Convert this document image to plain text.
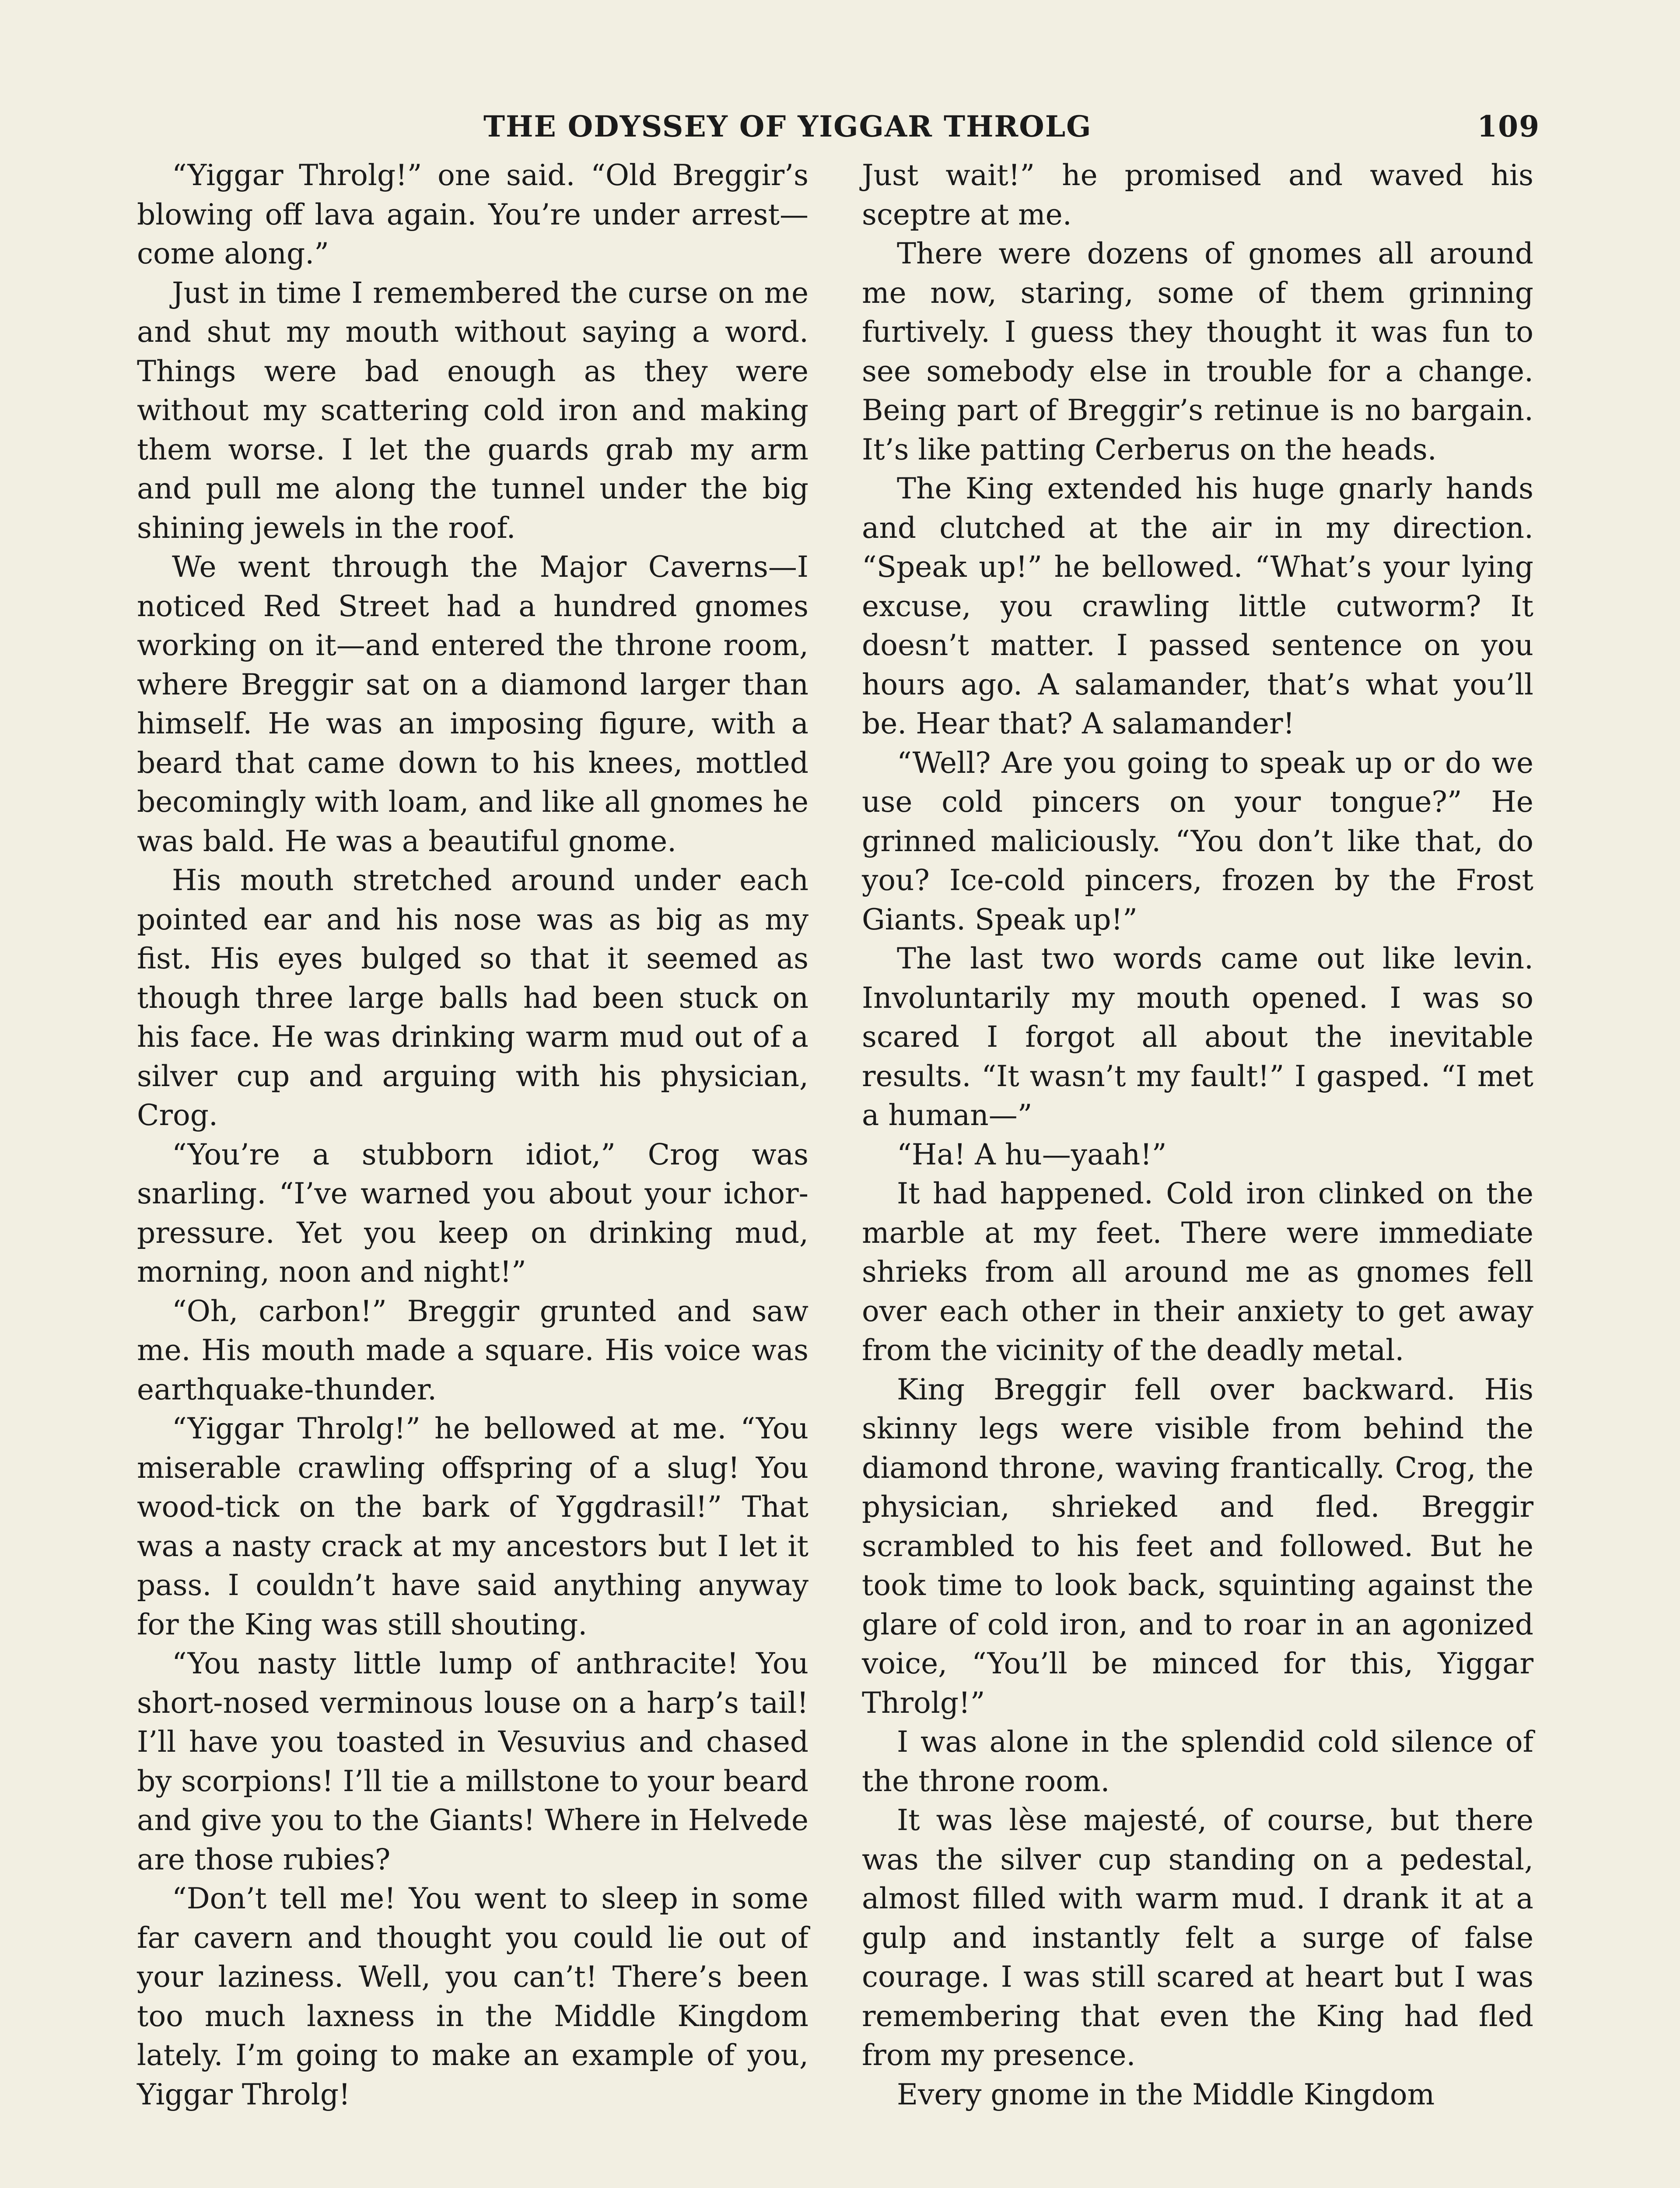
THE ODYSSEY OF YIGGAR THROLG	109

“Yiggar Throlg!” one said. “Old Breggir’s blowing off lava again. You’re under arrest—come along.”

Just in time I remembered the curse on me and shut my mouth without saying a word. Things were bad enough as they were without my scattering cold iron and making them worse. I let the guards grab my arm and pull me along the tunnel under the big shining jewels in the roof.

We went through the Major Caverns—I noticed Red Street had a hundred gnomes working on it—and entered the throne room, where Breggir sat on a diamond larger than himself. He was an imposing figure, with a beard that came down to his knees, mottled becomingly with loam, and like all gnomes he was bald. He was a beautiful gnome.

His mouth stretched around under each pointed ear and his nose was as big as my fist. His eyes bulged so that it seemed as though three large balls had been stuck on his face. He was drinking warm mud out of a silver cup and arguing with his physician, Crog.

“You’re a stubborn idiot,” Crog was snarling. “I’ve warned you about your ichor-pressure. Yet you keep on drinking mud, morning, noon and night!”

“Oh, carbon!” Breggir grunted and saw me. His mouth made a square. His voice was earthquake-thunder.

“Yiggar Throlg!” he bellowed at me. “You miserable crawling offspring of a slug! You wood-tick on the bark of Yggdrasil!” That was a nasty crack at my ancestors but I let it pass. I couldn’t have said anything anyway for the King was still shouting.

“You nasty little lump of anthracite! You short-nosed verminous louse on a harp’s tail! I’ll have you toasted in Vesuvius and chased by scorpions! I’ll tie a millstone to your beard and give you to the Giants! Where in Helvede are those rubies?

“Don’t tell me! You went to sleep in some far cavern and thought you could lie out of your laziness. Well, you can’t! There’s been too much laxness in the Middle Kingdom lately. I’m going to make an example of you, Yiggar Throlg!

Just wait!” he promised and waved his sceptre at me.

There were dozens of gnomes all around me now, staring, some of them grinning furtively. I guess they thought it was fun to see somebody else in trouble for a change. Being part of Breggir’s retinue is no bargain. It’s like patting Cerberus on the heads.

The King extended his huge gnarly hands and clutched at the air in my direction. “Speak up!” he bellowed. “What’s your lying excuse, you crawling little cutworm? It doesn’t matter. I passed sentence on you hours ago. A salamander, that’s what you’ll be. Hear that? A salamander!

“Well? Are you going to speak up or do we use cold pincers on your tongue?” He grinned maliciously. “You don’t like that, do you? Ice-cold pincers, frozen by the Frost Giants. Speak up!”

The last two words came out like levin. Involuntarily my mouth opened. I was so scared I forgot all about the inevitable results. “It wasn’t my fault!” I gasped. “I met a human—”

“Ha! A hu—yaah!”

It had happened. Cold iron clinked on the marble at my feet. There were immediate shrieks from all around me as gnomes fell over each other in their anxiety to get away from the vicinity of the deadly metal.

King Breggir fell over backward. His skinny legs were visible from behind the diamond throne, waving frantically. Crog, the physician, shrieked and fled. Breggir scrambled to his feet and followed. But he took time to look back, squinting against the glare of cold iron, and to roar in an agonized voice, “You’ll be minced for this, Yiggar Throlg!”

I was alone in the splendid cold silence of the throne room.

It was lèse majesté, of course, but there was the silver cup standing on a pedestal, almost filled with warm mud. I drank it at a gulp and instantly felt a surge of false courage. I was still scared at heart but I was remembering that even the King had fled from my presence.

Every gnome in the Middle Kingdom
